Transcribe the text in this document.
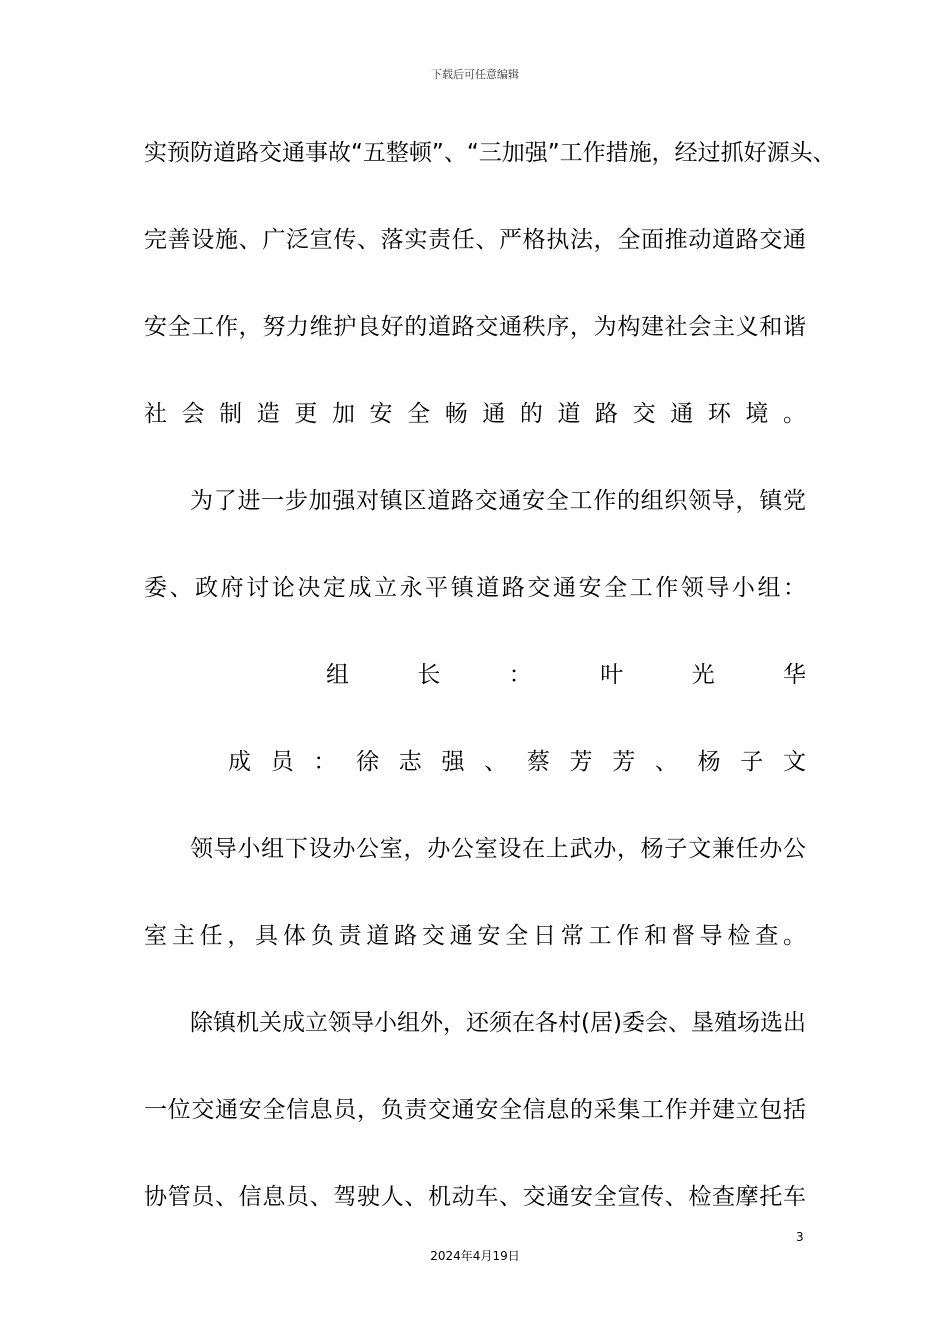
下载后可任意编辑
实预防道路交通事故“五整顿”、“三加强”工作措施，经过抓好源头、
完善设施、广泛宣传、落实责任、严格执法，全面推动道路交通
安全工作，努力维护良好的道路交通秩序，为构建社会主义和谐
社会制造更加安全畅通的道路交通环境。
为了进一步加强对镇区道路交通安全工作的组织领导，镇党
委、政府讨论决定成立永平镇道路交通安全工作领导小组：
组长：叶光华
成员：徐志强、蔡芳芳、杨子文
领导小组下设办公室，办公室设在上武办，杨子文兼任办公
室主任，具体负责道路交通安全日常工作和督导检查。
除镇机关成立领导小组外，还须在各村(居)委会、垦殖场选出
一位交通安全信息员，负责交通安全信息的采集工作并建立包括
协管员、信息员、驾驶人、机动车、交通安全宣传、检查摩托车
3
2024年4月19日
